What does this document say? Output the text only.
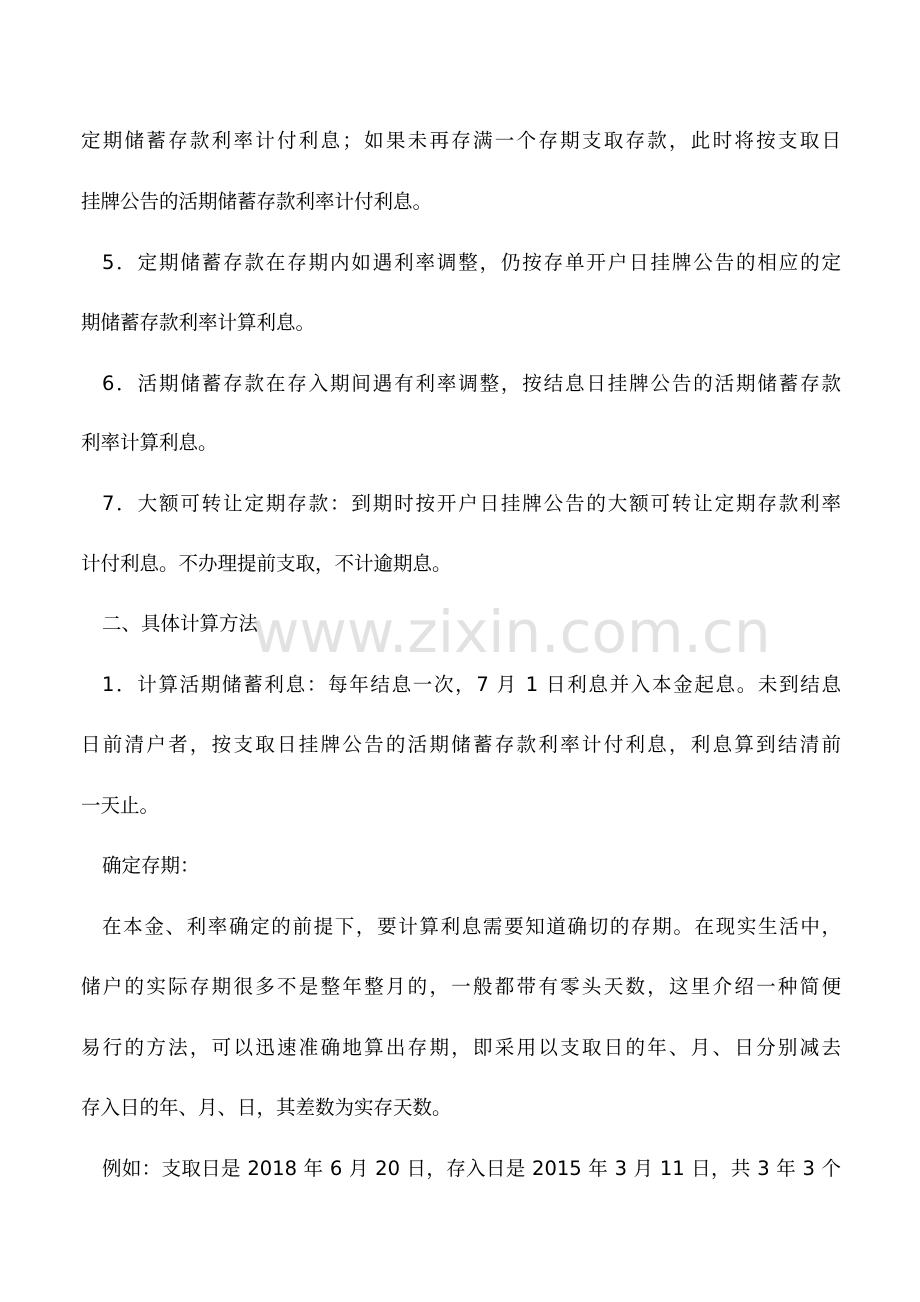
定期储蓄存款利率计付利息；如果未再存满一个存期支取存款，此时将按支取日
挂牌公告的活期储蓄存款利率计付利息。
5．定期储蓄存款在存期内如遇利率调整，仍按存单开户日挂牌公告的相应的定
期储蓄存款利率计算利息。
6．活期储蓄存款在存入期间遇有利率调整，按结息日挂牌公告的活期储蓄存款
利率计算利息。
7．大额可转让定期存款：到期时按开户日挂牌公告的大额可转让定期存款利率
计付利息。不办理提前支取，不计逾期息。
二、具体计算方法
1．计算活期储蓄利息：每年结息一次，7 月 1 日利息并入本金起息。未到结息
日前清户者，按支取日挂牌公告的活期储蓄存款利率计付利息，利息算到结清前
一天止。
确定存期：
在本金、利率确定的前提下，要计算利息需要知道确切的存期。在现实生活中，
储户的实际存期很多不是整年整月的，一般都带有零头天数，这里介绍一种简便
易行的方法，可以迅速准确地算出存期，即采用以支取日的年、月、日分别减去
存入日的年、月、日，其差数为实存天数。
例如：支取日是 2018 年 6 月 20 日，存入日是 2015 年 3 月 11 日，共 3 年 3 个
www.zixin.com.cn
